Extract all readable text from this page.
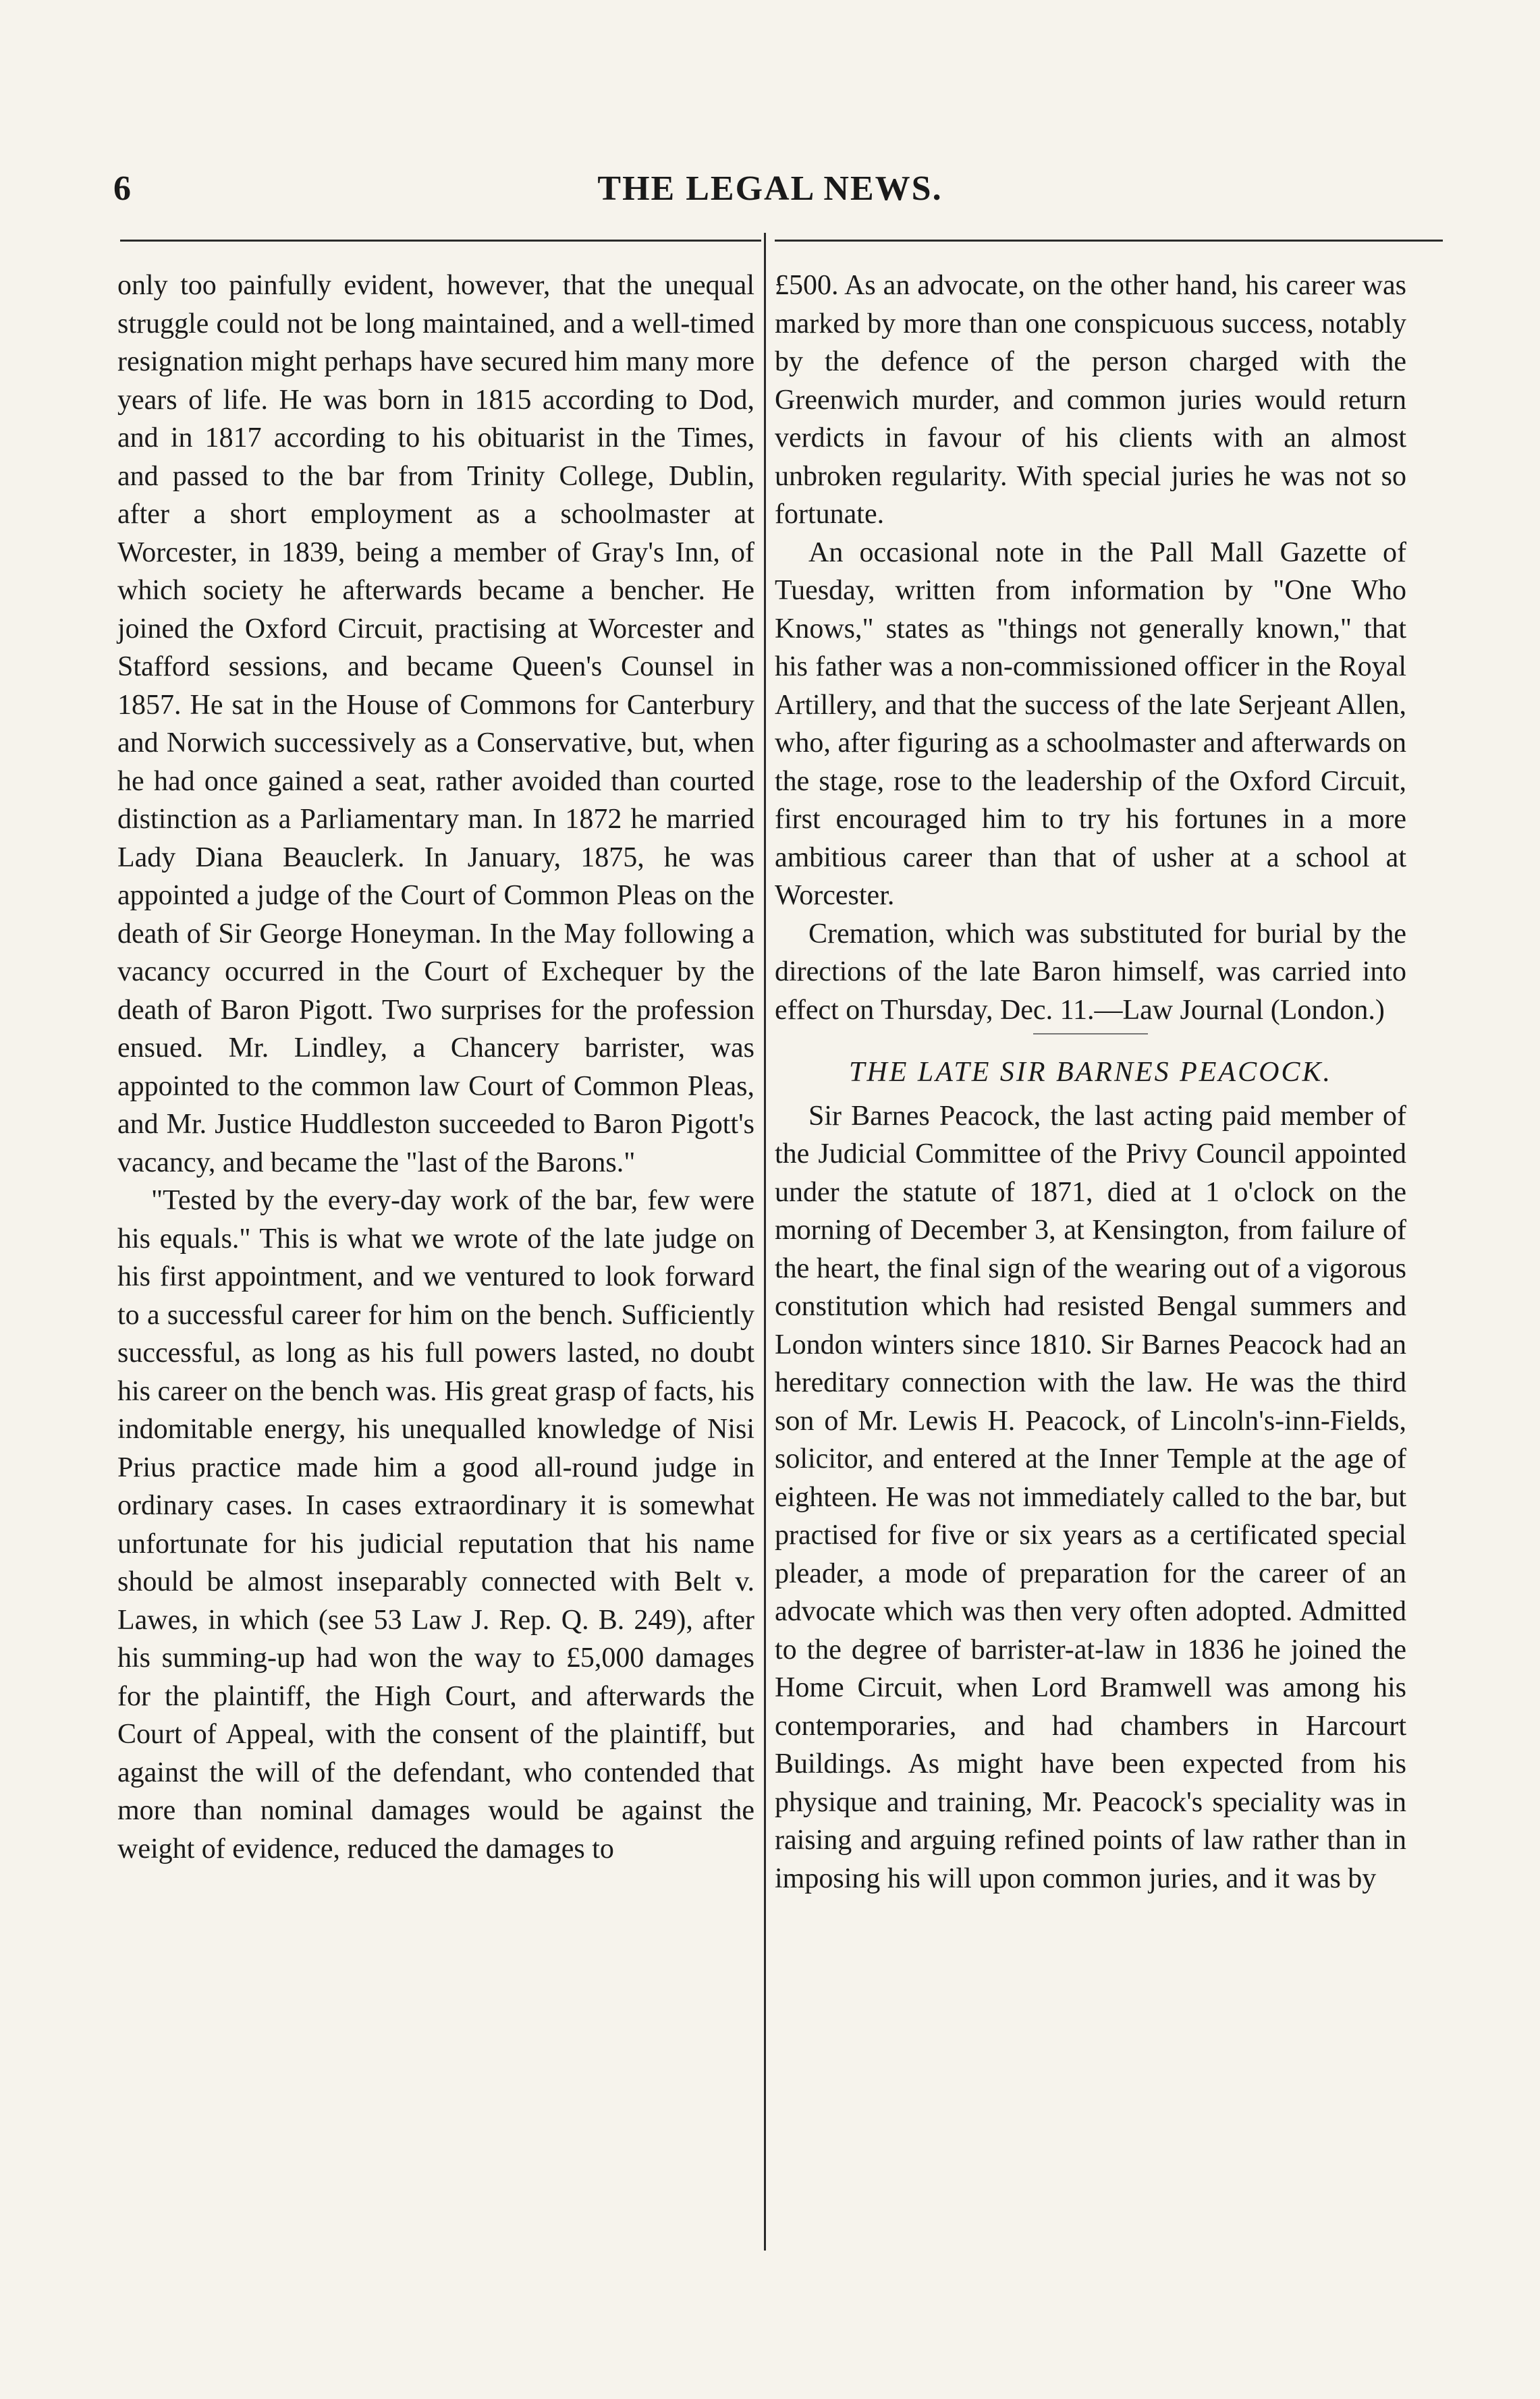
6	THE LEGAL NEWS.

only too painfully evident, however, that the unequal struggle could not be long maintained, and a well-timed resignation might perhaps have secured him many more years of life. He was born in 1815 according to Dod, and in 1817 according to his obituarist in the Times, and passed to the bar from Trinity College, Dublin, after a short employment as a schoolmaster at Worcester, in 1839, being a member of Gray's Inn, of which society he afterwards became a bencher. He joined the Oxford Circuit, practising at Worcester and Stafford sessions, and became Queen's Counsel in 1857. He sat in the House of Commons for Canterbury and Norwich successively as a Conservative, but, when he had once gained a seat, rather avoided than courted distinction as a Parliamentary man. In 1872 he married Lady Diana Beauclerk. In January, 1875, he was appointed a judge of the Court of Common Pleas on the death of Sir George Honeyman. In the May following a vacancy occurred in the Court of Exchequer by the death of Baron Pigott. Two surprises for the profession ensued. Mr. Lindley, a Chancery barrister, was appointed to the common law Court of Common Pleas, and Mr. Justice Huddleston succeeded to Baron Pigott's vacancy, and became the "last of the Barons."

"Tested by the every-day work of the bar, few were his equals." This is what we wrote of the late judge on his first appointment, and we ventured to look forward to a successful career for him on the bench. Sufficiently successful, as long as his full powers lasted, no doubt his career on the bench was. His great grasp of facts, his indomitable energy, his unequalled knowledge of Nisi Prius practice made him a good all-round judge in ordinary cases. In cases extraordinary it is somewhat unfortunate for his judicial reputation that his name should be almost inseparably connected with Belt v. Lawes, in which (see 53 Law J. Rep. Q. B. 249), after his summing-up had won the way to £5,000 damages for the plaintiff, the High Court, and afterwards the Court of Appeal, with the consent of the plaintiff, but against the will of the defendant, who contended that more than nominal damages would be against the weight of evidence, reduced the damages to

£500. As an advocate, on the other hand, his career was marked by more than one conspicuous success, notably by the defence of the person charged with the Greenwich murder, and common juries would return verdicts in favour of his clients with an almost unbroken regularity. With special juries he was not so fortunate.

An occasional note in the Pall Mall Gazette of Tuesday, written from information by "One Who Knows," states as "things not generally known," that his father was a non-commissioned officer in the Royal Artillery, and that the success of the late Serjeant Allen, who, after figuring as a schoolmaster and afterwards on the stage, rose to the leadership of the Oxford Circuit, first encouraged him to try his fortunes in a more ambitious career than that of usher at a school at Worcester.

Cremation, which was substituted for burial by the directions of the late Baron himself, was carried into effect on Thursday, Dec. 11.—Law Journal (London.)

THE LATE SIR BARNES PEACOCK.

Sir Barnes Peacock, the last acting paid member of the Judicial Committee of the Privy Council appointed under the statute of 1871, died at 1 o'clock on the morning of December 3, at Kensington, from failure of the heart, the final sign of the wearing out of a vigorous constitution which had resisted Bengal summers and London winters since 1810. Sir Barnes Peacock had an hereditary connection with the law. He was the third son of Mr. Lewis H. Peacock, of Lincoln's-inn-Fields, solicitor, and entered at the Inner Temple at the age of eighteen. He was not immediately called to the bar, but practised for five or six years as a certificated special pleader, a mode of preparation for the career of an advocate which was then very often adopted. Admitted to the degree of barrister-at-law in 1836 he joined the Home Circuit, when Lord Bramwell was among his contemporaries, and had chambers in Harcourt Buildings. As might have been expected from his physique and training, Mr. Peacock's speciality was in raising and arguing refined points of law rather than in imposing his will upon common juries, and it was by
